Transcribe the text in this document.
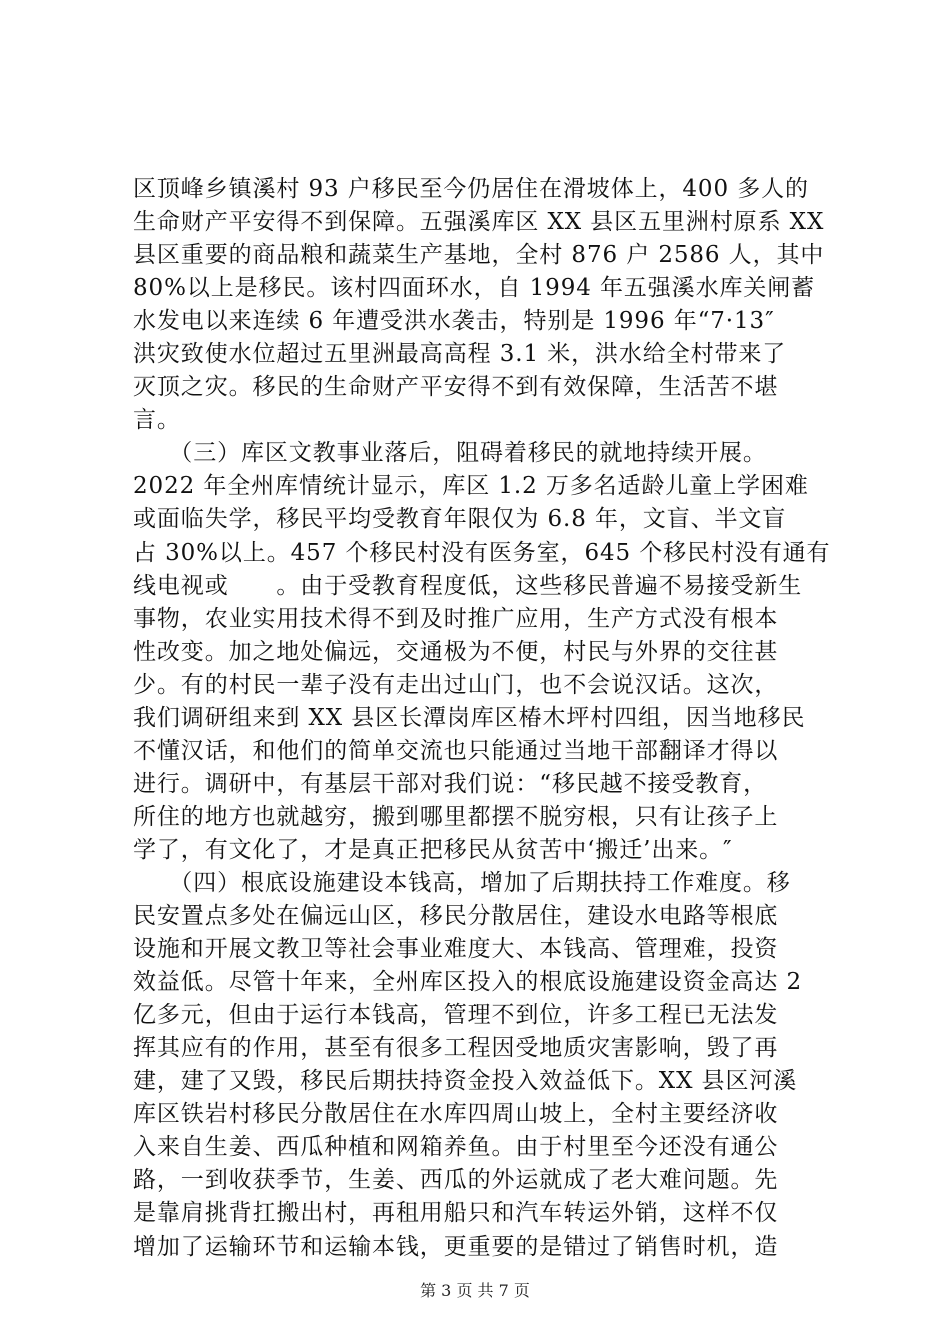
区顶峰乡镇溪村 93 户移民至今仍居住在滑坡体上，400 多人的
生命财产平安得不到保障。五强溪库区 XX 县区五里洲村原系 XX
县区重要的商品粮和蔬菜生产基地，全村 876 户 2586 人，其中
80%以上是移民。该村四面环水，自 1994 年五强溪水库关闸蓄
水发电以来连续 6 年遭受洪水袭击，特别是 1996 年“7·13″
洪灾致使水位超过五里洲最高高程 3.1 米，洪水给全村带来了
灭顶之灾。移民的生命财产平安得不到有效保障，生活苦不堪
言。
　　（三）库区文教事业落后，阻碍着移民的就地持续开展。
2022 年全州库情统计显示，库区 1.2 万多名适龄儿童上学困难
或面临失学，移民平均受教育年限仅为 6.8 年，文盲、半文盲
占 30%以上。457 个移民村没有医务室，645 个移民村没有通有
线电视或　　。由于受教育程度低，这些移民普遍不易接受新生
事物，农业实用技术得不到及时推广应用，生产方式没有根本
性改变。加之地处偏远，交通极为不便，村民与外界的交往甚
少。有的村民一辈子没有走出过山门，也不会说汉话。这次，
我们调研组来到 XX 县区长潭岗库区椿木坪村四组，因当地移民
不懂汉话，和他们的简单交流也只能通过当地干部翻译才得以
进行。调研中，有基层干部对我们说：“移民越不接受教育，
所住的地方也就越穷，搬到哪里都摆不脱穷根，只有让孩子上
学了，有文化了，才是真正把移民从贫苦中‘搬迁’出来。″
　　（四）根底设施建设本钱高，增加了后期扶持工作难度。移
民安置点多处在偏远山区，移民分散居住，建设水电路等根底
设施和开展文教卫等社会事业难度大、本钱高、管理难，投资
效益低。尽管十年来，全州库区投入的根底设施建设资金高达 2
亿多元，但由于运行本钱高，管理不到位，许多工程已无法发
挥其应有的作用，甚至有很多工程因受地质灾害影响，毁了再
建，建了又毁，移民后期扶持资金投入效益低下。XX 县区河溪
库区铁岩村移民分散居住在水库四周山坡上，全村主要经济收
入来自生姜、西瓜种植和网箱养鱼。由于村里至今还没有通公
路，一到收获季节，生姜、西瓜的外运就成了老大难问题。先
是靠肩挑背扛搬出村，再租用船只和汽车转运外销，这样不仅
增加了运输环节和运输本钱，更重要的是错过了销售时机，造
第 3 页 共 7 页
